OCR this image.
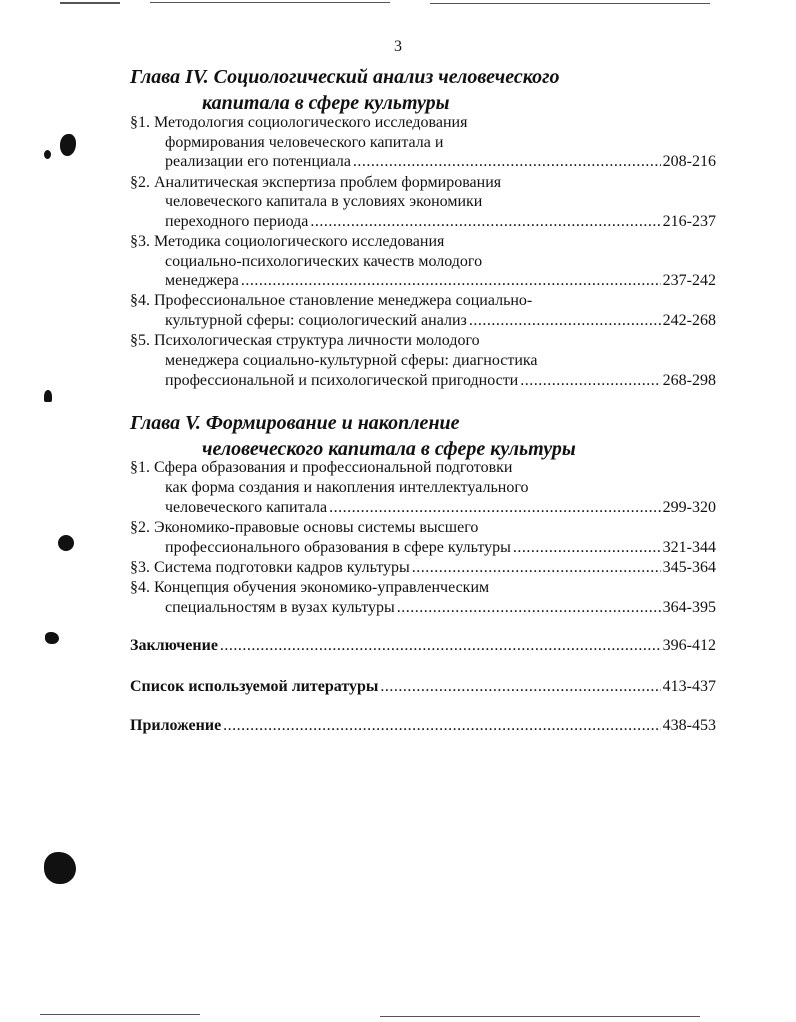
3
Глава IV. Социологический анализ человеческого
капитала в сфере культуры
§1. Методология социологического исследования
формирования человеческого капитала и
реализации его потенциала .....	208-216
§2. Аналитическая экспертиза проблем формирования
человеческого капитала в условиях экономики
переходного периода .....	216-237
§3. Методика социологического исследования
социально-психологических качеств молодого
менеджера .....	237-242
§4. Профессиональное становление менеджера социально-
культурной сферы: социологический анализ .....	242-268
§5. Психологическая структура личности молодого
менеджера социально-культурной сферы: диагностика
профессиональной и психологической пригодности .....	268-298
Глава V. Формирование и накопление
человеческого капитала в сфере культуры
§1. Сфера образования и профессиональной подготовки
как форма создания и накопления интеллектуального
человеческого капитала .....	299-320
§2. Экономико-правовые основы системы высшего
профессионального образования в сфере культуры .....	321-344
§3. Система подготовки кадров культуры .....	345-364
§4. Концепция обучения экономико-управленческим
специальностям в вузах культуры .....	364-395
Заключение .....	396-412
Список используемой литературы .....	413-437
Приложение .....	438-453
